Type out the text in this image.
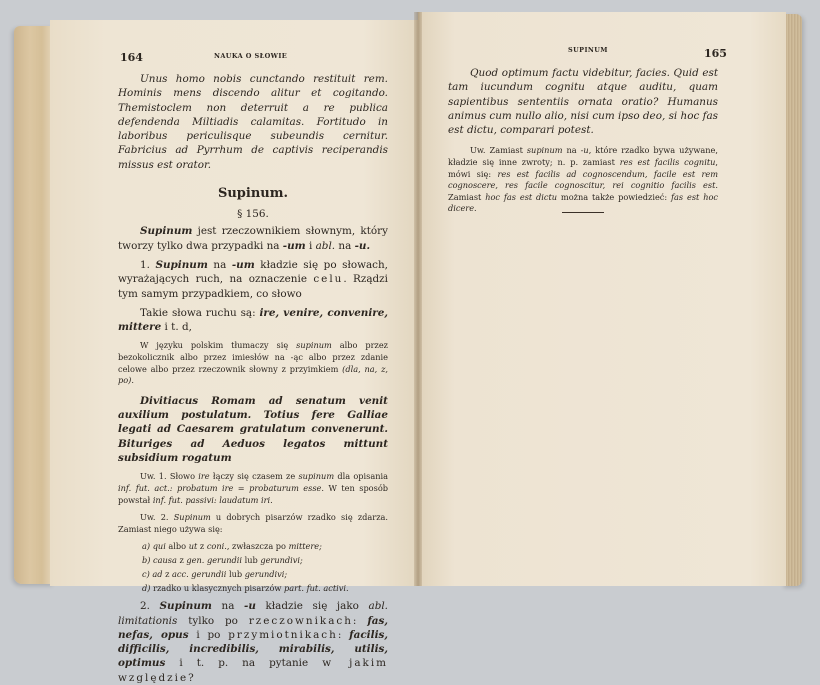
164	NAUKA O SŁOWIE

Unus homo nobis cunctando restituit rem. Hominis mens discendo alitur et cogitando. Themistoclem non deterruit a re publica defendenda Miltiadis calamitas. Fortitudo in laboribus periculisque subeundis cernitur. Fabricius ad Pyrrhum de captivis reciperandis missus est orator.

Supinum.

§ 156.

Supinum jest rzeczownikiem słownym, który tworzy tylko dwa przypadki na -um i abl. na -u.

1. Supinum na -um kładzie się po słowach, wyrażających ruch, na oznaczenie celu. Rządzi tym samym przypadkiem, co słowo

Takie słowa ruchu są: ire, venire, convenire, mittere i t. d,

W języku polskim tłumaczy się supinum albo przez bezokolicznik albo przez imiesłów na -ąc albo przez zdanie celowe albo przez rzeczownik słowny z przyimkiem (dla, na, z, po).

Divitiacus Romam ad senatum venit auxilium postulatum. Totius fere Galliae legati ad Caesarem gratulatum convenerunt. Bituriges ad Aeduos legatos mittunt subsidium rogatum

Uw. 1. Słowo ire łączy się czasem ze supinum dla opisania inf. fut. act.: probatum ire = probaturum esse. W ten sposób powstał inf. fut. passivi: laudatum iri.

Uw. 2. Supinum u dobrych pisarzów rzadko się zdarza. Zamiast niego używa się:

a) qui albo ut z coni., zwłaszcza po mittere;

b) causa z gen. gerundii lub gerundivi;

c) ad z acc. gerundii lub gerundivi;

d) rzadko u klasycznych pisarzów part. fut. activi.

2. Supinum na -u kładzie się jako abl. limitationis tylko po rzeczownikach: fas, nefas, opus i po przymiotnikach: facilis, difficilis, incredibilis, mirabilis, utilis, optimus i t. p. na pytanie w jakim względzie?

SUPINUM	165

Quod optimum factu videbitur, facies. Quid est tam iucundum cognitu atque auditu, quam sapientibus sententiis ornata oratio? Humanus animus cum nullo alio, nisi cum ipso deo, si hoc fas est dictu, comparari potest.

Uw. Zamiast supinum na -u, które rzadko bywa używane, kładzie się inne zwroty; n. p. zamiast res est facilis cognitu, mówi się: res est facilis ad cognoscendum, facile est rem cognoscere, res facile cognoscitur, rei cognitio facilis est. Zamiast hoc fas est dictu można także powiedzieć: fas est hoc dicere.
